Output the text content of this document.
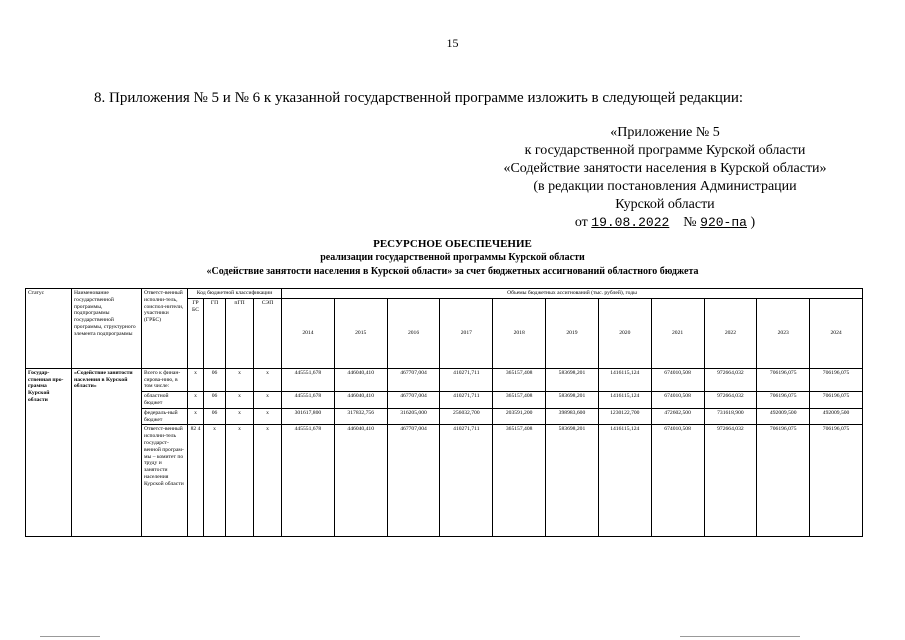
15
8. Приложения № 5 и № 6 к указанной государственной программе изложить в следующей редакции:
«Приложение № 5
к государственной программе Курской области
«Содействие занятости населения в Курской области»
(в редакции постановления Администрации
Курской области
от 19.08.2022 № 920-па )
РЕСУРСНОЕ ОБЕСПЕЧЕНИЕ
реализации государственной программы Курской области
«Содействие занятости населения в Курской области» за счет бюджетных ассигнований областного бюджета
Статус	Наименование государственной программы, подпрограммы государственной программы, структурного элемента подпрограммы	Ответст-венный исполни-тель, соиспол-нители, участники (ГРБС)	Код бюджетной классификации				Объемы бюджетных ассигнований (тыс. рублей), годы										
			ГР БС	ГП	пГП	СЭП	2014	2015	2016	2017	2018	2019	2020	2021	2022	2023	2024
Государ-ственная про-грамма Курской области	«Содействие занятости населения в Курской области»	Всего к финан-сирова-нию, в том числе:	x	06	x	x	445551,678	446040,410	467707,004	410271,711	365157,408	583698,201	1416115,124	674010,508	972664,032	706196,075	706196,075
		областной бюджет	x	06	x	x	445551,678	446040,410	467707,004	410271,711	365157,408	583698,201	1416115,124	674010,508	972664,032	706196,075	706196,075
		федераль-ный бюджет	x	06	x	x	301617,800	317832,756	316205,000	256032,700	203591,200	398983,600	1230122,700	472602,500	731618,900	492009,500	492009,500
		Ответст-венный исполни-тель государст-венной програм-мы – комитет по труду и занятости населения Курской области	82 4	x	x	x	445551,678	446040,410	467707,004	410271,711	365157,408	583698,201	1416115,124	674010,508	972664,032	706196,075	706196,075
